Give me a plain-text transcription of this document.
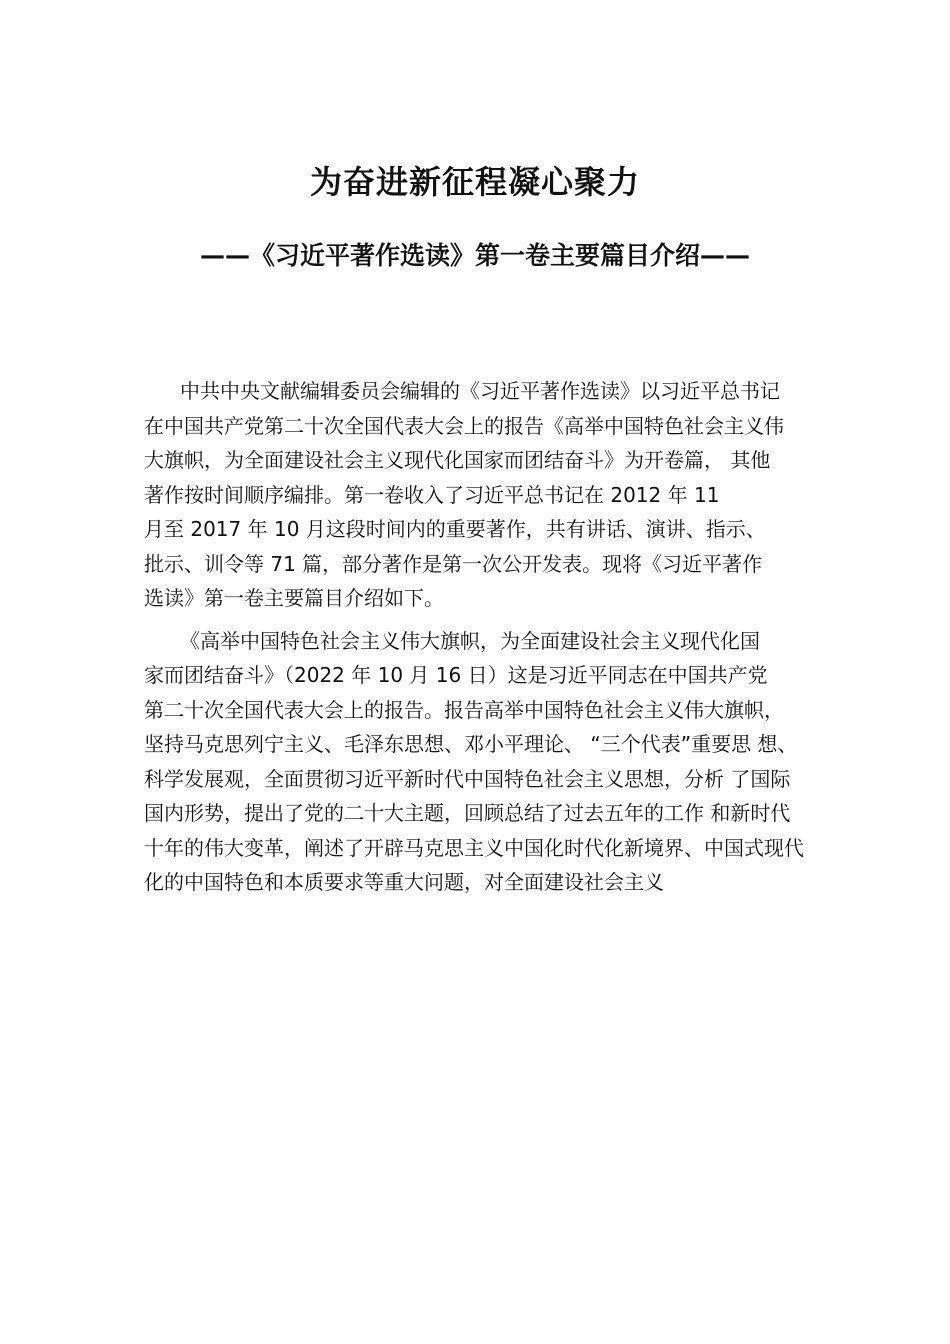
为奋进新征程凝心聚力
——《习近平著作选读》第一卷主要篇目介绍——
中共中央文献编辑委员会编辑的《习近平著作选读》以习近平总书记
在中国共产党第二十次全国代表大会上的报告《高举中国特色社会主义伟
大旗帜，为全面建设社会主义现代化国家而团结奋斗》为开卷篇， 其他
著作按时间顺序编排。第一卷收入了习近平总书记在 2012 年 11
月至 2017 年 10 月这段时间内的重要著作，共有讲话、演讲、指示、
批示、训令等 71 篇，部分著作是第一次公开发表。现将《习近平著作
选读》第一卷主要篇目介绍如下。
《高举中国特色社会主义伟大旗帜，为全面建设社会主义现代化国
家而团结奋斗》（2022 年 10 月 16 日）这是习近平同志在中国共产党
第二十次全国代表大会上的报告。报告高举中国特色社会主义伟大旗帜，
坚持马克思列宁主义、毛泽东思想、邓小平理论、 “三个代表”重要思 想、
科学发展观，全面贯彻习近平新时代中国特色社会主义思想，分析 了国际
国内形势，提出了党的二十大主题，回顾总结了过去五年的工作 和新时代
十年的伟大变革，阐述了开辟马克思主义中国化时代化新境界、中国式现代
化的中国特色和本质要求等重大问题，对全面建设社会主义
